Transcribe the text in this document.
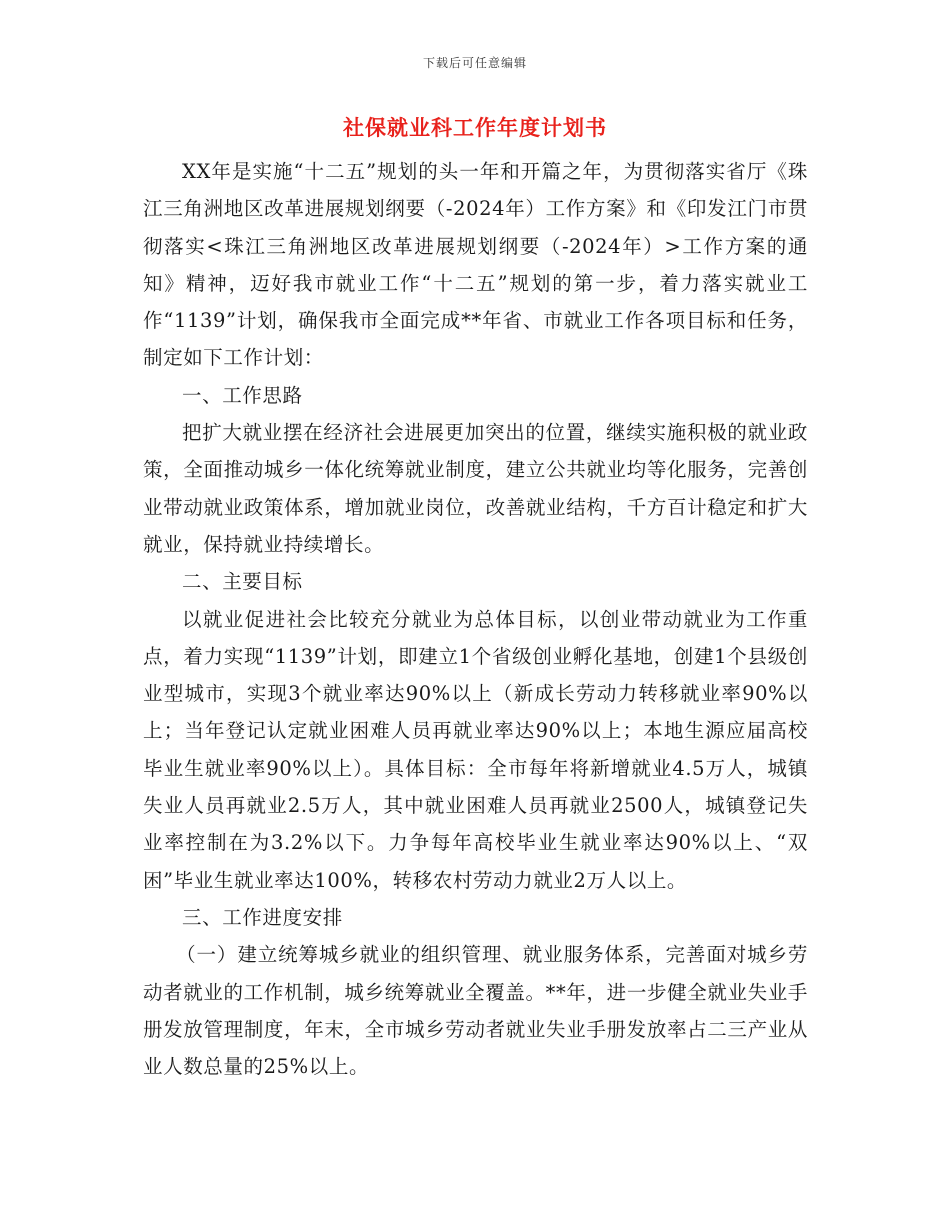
下载后可任意编辑
社保就业科工作年度计划书

XX年是实施“十二五”规划的头一年和开篇之年，为贯彻落实省厅《珠江三角洲地区改革进展规划纲要（-2024年）工作方案》和《印发江门市贯彻落实<珠江三角洲地区改革进展规划纲要（-2024年）>工作方案的通知》精神，迈好我市就业工作“十二五”规划的第一步，着力落实就业工作“1139”计划，确保我市全面完成**年省、市就业工作各项目标和任务，制定如下工作计划：

一、工作思路

把扩大就业摆在经济社会进展更加突出的位置，继续实施积极的就业政策，全面推动城乡一体化统筹就业制度，建立公共就业均等化服务，完善创业带动就业政策体系，增加就业岗位，改善就业结构，千方百计稳定和扩大就业，保持就业持续增长。

二、主要目标

以就业促进社会比较充分就业为总体目标，以创业带动就业为工作重点，着力实现“1139”计划，即建立1个省级创业孵化基地，创建1个县级创业型城市，实现3个就业率达90%以上（新成长劳动力转移就业率90%以上；当年登记认定就业困难人员再就业率达90%以上；本地生源应届高校毕业生就业率90%以上）。具体目标：全市每年将新增就业4.5万人，城镇失业人员再就业2.5万人，其中就业困难人员再就业2500人，城镇登记失业率控制在为3.2%以下。力争每年高校毕业生就业率达90%以上、“双困”毕业生就业率达100%，转移农村劳动力就业2万人以上。

三、工作进度安排

（一）建立统筹城乡就业的组织管理、就业服务体系，完善面对城乡劳动者就业的工作机制，城乡统筹就业全覆盖。**年，进一步健全就业失业手册发放管理制度，年末，全市城乡劳动者就业失业手册发放率占二三产业从业人数总量的25%以上。
